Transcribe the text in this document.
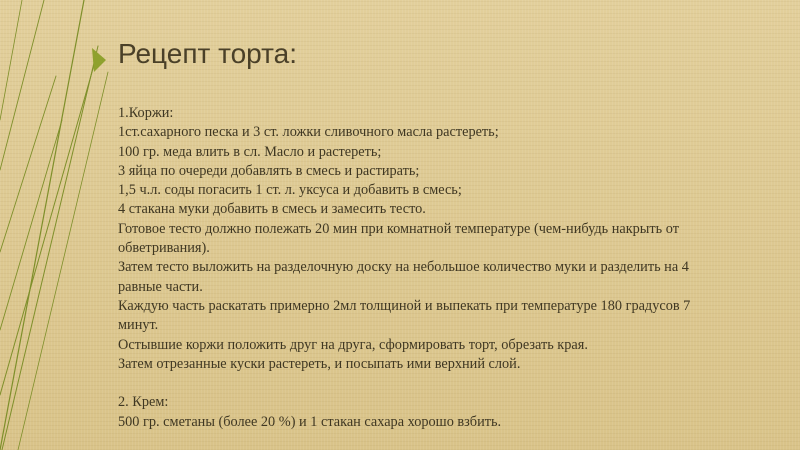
Рецепт торта:

1.Коржи:

1ст.сахарного песка и 3 ст. ложки сливочного масла растереть;

100 гр. меда влить в сл. Масло и растереть;

3 яйца по очереди добавлять в смесь и растирать;

1,5 ч.л. соды погасить 1 ст. л. уксуса и добавить в смесь;

4 стакана муки добавить в смесь и замесить тесто.

Готовое тесто должно полежать 20 мин при комнатной температуре (чем-нибудь накрыть от обветривания).

Затем тесто выложить на разделочную доску на небольшое количество муки и разделить на 4 равные части.

Каждую часть раскатать примерно 2мл толщиной и выпекать при температуре 180 градусов 7 минут.

Остывшие коржи положить друг на друга, сформировать торт, обрезать края.

Затем отрезанные куски растереть, и посыпать ими верхний слой.

2. Крем:

500 гр. сметаны (более 20 %) и 1 стакан сахара хорошо взбить.
